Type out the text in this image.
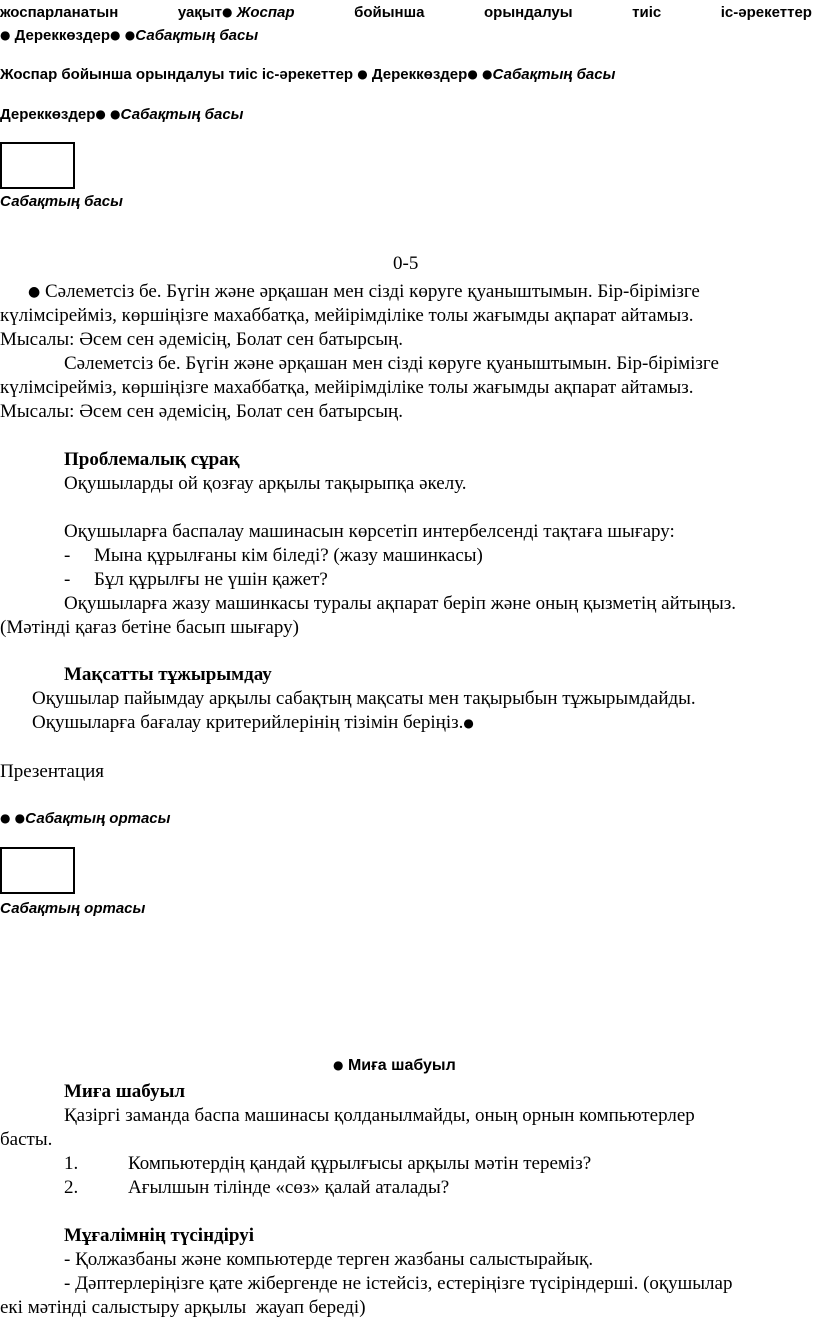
жоспарланатын	уақыт● Жоспар	бойынша	орындалуы	тиіс	іс-әрекеттер
● Дереккөздер● ●Сабақтың басы
Жоспар бойынша орындалуы тиіс іс-әрекеттер ● Дереккөздер● ●Сабақтың басы
Дереккөздер● ●Сабақтың басы
Сабақтың басы
0-5
● Сәлеметсіз бе. Бүгін және әрқашан мен сізді көруге қуаныштымын. Бір-бірімізге
күлімсірейміз, көршіңізге махаббатқа, мейірімділіке толы жағымды ақпарат айтамыз.
Мысалы: Әсем сен әдемісің, Болат сен батырсың.
Сәлеметсіз бе. Бүгін және әрқашан мен сізді көруге қуаныштымын. Бір-бірімізге
күлімсірейміз, көршіңізге махаббатқа, мейірімділіке толы жағымды ақпарат айтамыз.
Мысалы: Әсем сен әдемісің, Болат сен батырсың.
Проблемалық сұрақ
Оқушыларды ой қозғау арқылы тақырыпқа әкелу.
Оқушыларға баспалау машинасын көрсетіп интербелсенді тақтаға шығару:
- Мына құрылғаны кім біледі? (жазу машинкасы)
- Бұл құрылғы не үшін қажет?
Оқушыларға жазу машинкасы туралы ақпарат беріп және оның қызметің айтыңыз.
(Мәтінді қағаз бетіне басып шығару)
Мақсатты тұжырымдау
Оқушылар пайымдау арқылы сабақтың мақсаты мен тақырыбын тұжырымдайды.
Оқушыларға бағалау критерийлерінің тізімін беріңіз.●
Презентация
● ●Сабақтың ортасы
Сабақтың ортасы
● Миға шабуыл
Миға шабуыл
Қазіргі заманда баспа машинасы қолданылмайды, оның орнын компьютерлер
басты.
1.	Компьютердің қандай құрылғысы арқылы мәтін тереміз?
2.	Ағылшын тілінде «сөз» қалай аталады?
Мұғалімнің түсіндіруі
- Қолжазбаны және компьютерде терген жазбаны салыстырайық.
- Дәптерлеріңізге қате жібергенде не істейсіз, естеріңізге түсіріндерші. (оқушылар
екі мәтінді салыстыру арқылы  жауап береді)
